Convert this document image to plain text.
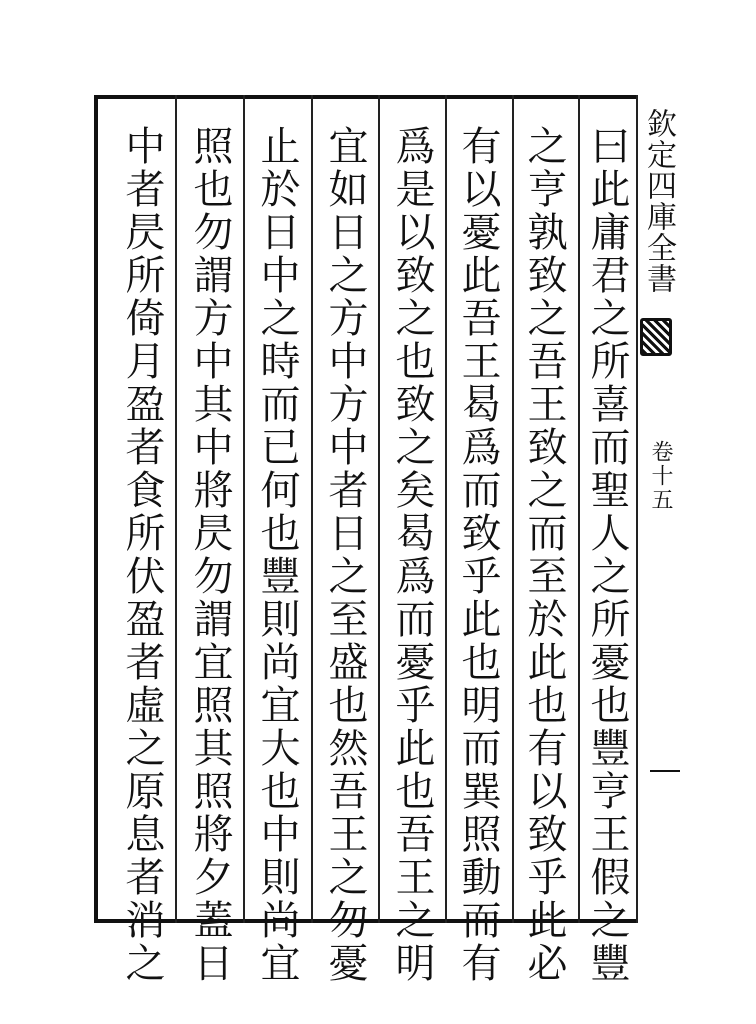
曰此庸君之所喜而聖人之所憂也豐亨王假之豐
之亨孰致之吾王致之而至於此也有以致乎此必
有以憂此吾王曷爲而致乎此也明而巽照動而有
爲是以致之也致之矣曷爲而憂乎此也吾王之明
宜如日之方中方中者日之至盛也然吾王之勿憂
止於日中之時而已何也豐則尚宜大也中則尚宜
照也勿謂方中其中將昃勿謂宜照其照將夕蓋日
中者昃所倚月盈者食所伏盈者虛之原息者消之	欽定四庫全書
卷十五
